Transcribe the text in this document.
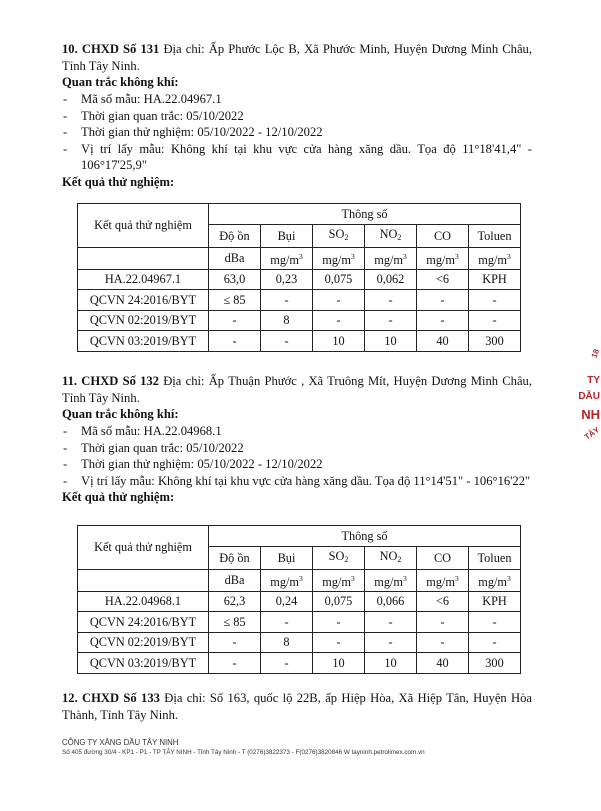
10. CHXD Số 131 Địa chỉ: Ấp Phước Lộc B, Xã Phước Minh, Huyện Dương Minh Châu, Tỉnh Tây Ninh.

Quan trắc không khí:

- Mã số mẫu: HA.22.04967.1
- Thời gian quan trắc: 05/10/2022
- Thời gian thử nghiệm: 05/10/2022 - 12/10/2022
- Vị trí lấy mẫu: Không khí tại khu vực cửa hàng xăng dầu. Tọa độ 11°18'41,4" - 106°17'25,9"

Kết quả thử nghiệm:

Kết quả thử nghiệm	Thông số					
	Độ ồn	Bụi	$SO_2$	$NO_2$	CO	Toluen
	dBa	$mg/m^3$	$mg/m^3$	$mg/m^3$	$mg/m^3$	$mg/m^3$
HA.22.04967.1	63,0	0,23	0,075	0,062	<6	KPH
QCVN 24:2016/BYT	≤ 85	-	-	-	-	-
QCVN 02:2019/BYT	-	8	-	-	-	-
QCVN 03:2019/BYT	-	-	10	10	40	300

11. CHXD Số 132 Địa chỉ: Ấp Thuận Phước , Xã Truông Mít, Huyện Dương Minh Châu, Tỉnh Tây Ninh.

Quan trắc không khí:

- Mã số mẫu: HA.22.04968.1
- Thời gian quan trắc: 05/10/2022
- Thời gian thử nghiệm: 05/10/2022 - 12/10/2022
- Vị trí lấy mẫu: Không khí tại khu vực cửa hàng xăng dầu. Tọa độ 11°14'51" - 106°16'22"

Kết quả thử nghiệm:

Kết quả thử nghiệm	Thông số					
	Độ ồn	Bụi	$SO_2$	$NO_2$	CO	Toluen
	dBa	$mg/m^3$	$mg/m^3$	$mg/m^3$	$mg/m^3$	$mg/m^3$
HA.22.04968.1	62,3	0,24	0,075	0,066	<6	KPH
QCVN 24:2016/BYT	≤ 85	-	-	-	-	-
QCVN 02:2019/BYT	-	8	-	-	-	-
QCVN 03:2019/BYT	-	-	10	10	40	300

12. CHXD Số 133 Địa chỉ: Số 163, quốc lộ 22B, ấp Hiệp Hòa, Xã Hiệp Tân, Huyện Hòa Thành, Tỉnh Tây Ninh.

18
TY
DẦU
NH
TÂY
CÔNG TY XĂNG DẦU TÂY NINH
Số 405 đường 30/4 - KP1 - P1 - TP TÂY NINH - Tỉnh Tây Ninh - T (0276)3822373 - F(0276)3820846 W tayninh.petrolimex.com.vn
